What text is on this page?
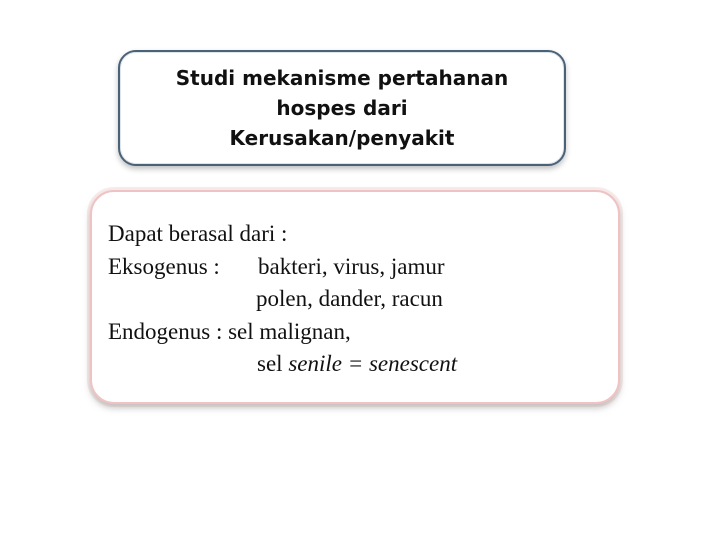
Studi mekanisme pertahanan
hospes dari
Kerusakan/penyakit
Dapat berasal dari :
Eksogenus : bakteri, virus, jamur
polen, dander, racun
Endogenus : sel malignan,
sel senile = senescent
